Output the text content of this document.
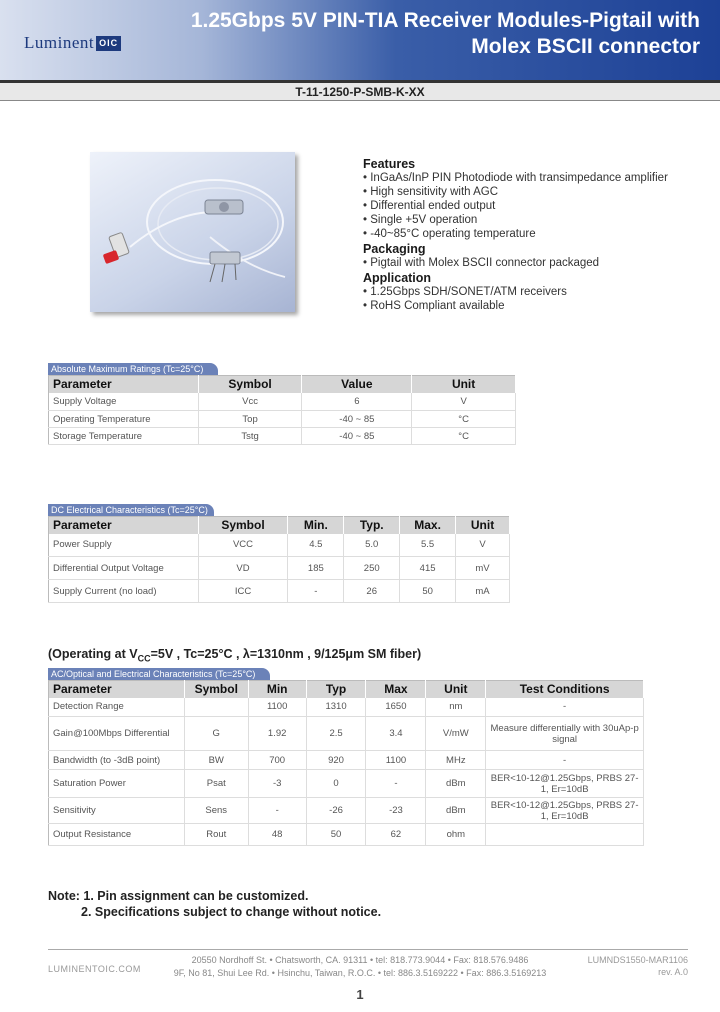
Luminent OIC
1.25Gbps 5V PIN-TIA Receiver Modules-Pigtail with
Molex BSCII connector
T-11-1250-P-SMB-K-XX
Features
• InGaAs/InP PIN Photodiode with transimpedance amplifier
• High sensitivity with AGC
• Differential ended output
• Single +5V operation
• -40~85°C operating temperature
Packaging
• Pigtail with Molex BSCII connector packaged
Application
• 1.25Gbps SDH/SONET/ATM receivers
• RoHS Compliant available
Absolute Maximum Ratings (Tc=25°C)
Parameter	Symbol	Value	Unit
Supply Voltage	Vcc	6	V
Operating Temperature	Top	-40 ~ 85	°C
Storage Temperature	Tstg	-40 ~ 85	°C
DC Electrical Characteristics (Tc=25°C)
Parameter	Symbol	Min.	Typ.	Max.	Unit
Power Supply	VCC	4.5	5.0	5.5	V
Differential Output Voltage	VD	185	250	415	mV
Supply Current (no load)	ICC	-	26	50	mA
(Operating at $V_{CC}=5V$ , Tc=25°C , λ=1310nm , 9/125μm SM fiber)
AC/Optical and Electrical Characteristics (Tc=25°C)
Parameter	Symbol	Min	Typ	Max	Unit	Test Conditions
Detection Range		1100	1310	1650	nm	-
Gain@100Mbps Differential	G	1.92	2.5	3.4	V/mW	Measure differentially with 30uAp-p signal
Bandwidth (to -3dB point)	BW	700	920	1100	MHz	-
Saturation Power	Psat	-3	0	-	dBm	BER<10-12@1.25Gbps, PRBS 27-1, Er=10dB
Sensitivity	Sens	-	-26	-23	dBm	BER<10-12@1.25Gbps, PRBS 27-1, Er=10dB
Output Resistance	Rout	48	50	62	ohm	
Note: 1. Pin assignment can be customized.
2. Specifications subject to change without notice.
LUMINENTOIC.COM
20550 Nordhoff St. • Chatsworth, CA. 91311 • tel: 818.773.9044 • Fax: 818.576.9486
9F, No 81, Shui Lee Rd. • Hsinchu, Taiwan, R.O.C. • tel: 886.3.5169222 • Fax: 886.3.5169213
LUMNDS1550-MAR1106
rev. A.0
1
